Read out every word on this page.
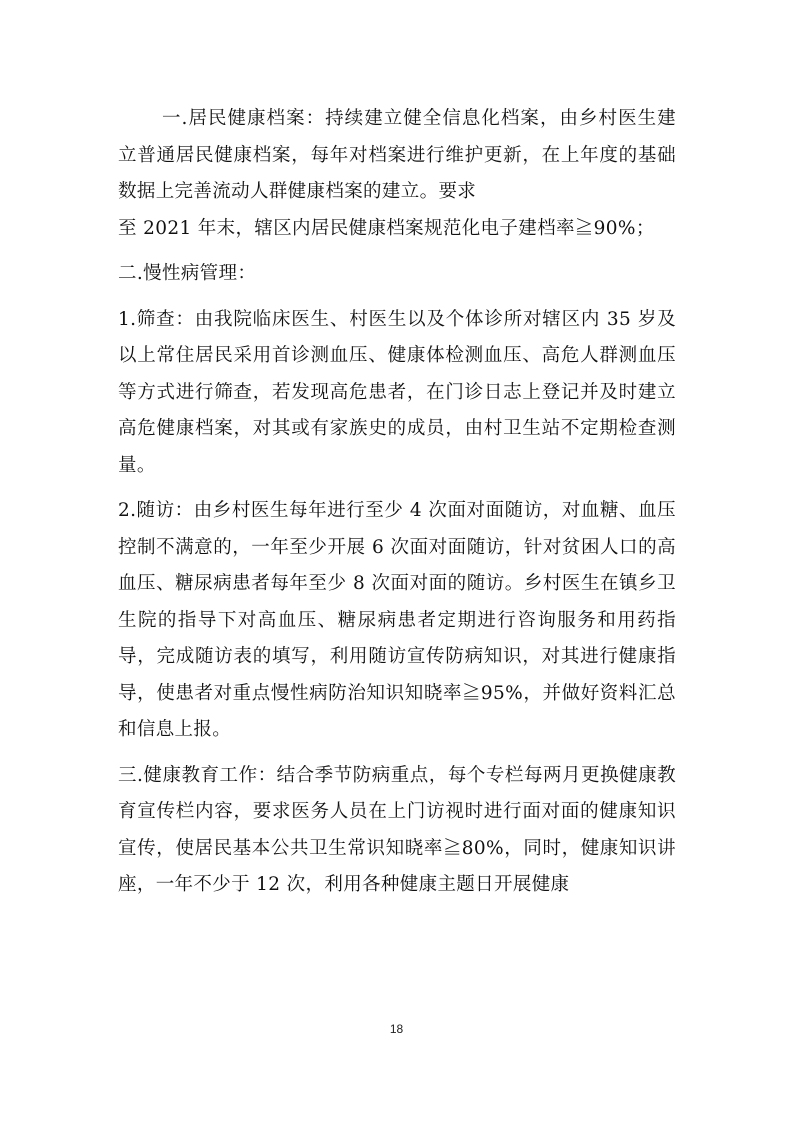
一.居民健康档案：持续建立健全信息化档案，由乡村医生建立普通居民健康档案，每年对档案进行维护更新，在上年度的基础数据上完善流动人群健康档案的建立。要求

至 2021 年末，辖区内居民健康档案规范化电子建档率≧90%；

二.慢性病管理：

1.筛查：由我院临床医生、村医生以及个体诊所对辖区内 35 岁及以上常住居民采用首诊测血压、健康体检测血压、高危人群测血压等方式进行筛查，若发现高危患者，在门诊日志上登记并及时建立高危健康档案，对其或有家族史的成员，由村卫生站不定期检查测量。

2.随访：由乡村医生每年进行至少 4 次面对面随访，对血糖、血压控制不满意的，一年至少开展 6 次面对面随访，针对贫困人口的高血压、糖尿病患者每年至少 8 次面对面的随访。乡村医生在镇乡卫生院的指导下对高血压、糖尿病患者定期进行咨询服务和用药指导，完成随访表的填写，利用随访宣传防病知识，对其进行健康指导，使患者对重点慢性病防治知识知晓率≧95%，并做好资料汇总和信息上报。

三.健康教育工作：结合季节防病重点，每个专栏每两月更换健康教育宣传栏内容，要求医务人员在上门访视时进行面对面的健康知识宣传，使居民基本公共卫生常识知晓率≧80%，同时，健康知识讲座，一年不少于 12 次，利用各种健康主题日开展健康

18
